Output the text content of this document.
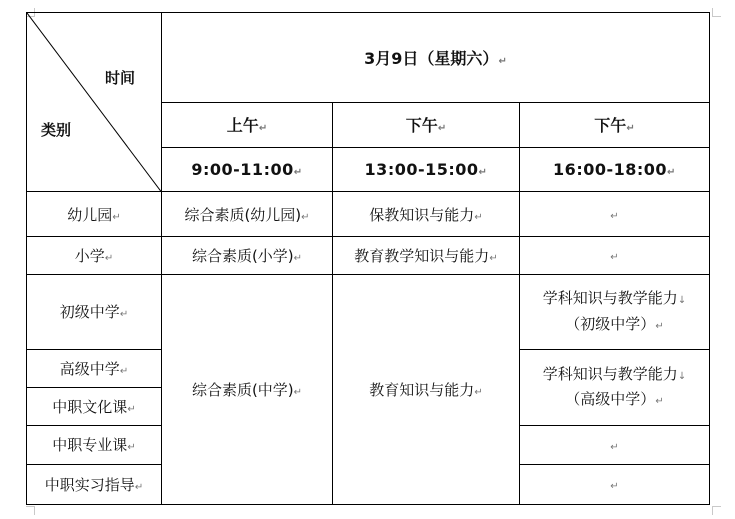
时间
类别	3月9日（星期六）↵		
	上午↵	下午↵	下午↵
	9:00-11:00↵	13:00-15:00↵	16:00-18:00↵
幼儿园↵	综合素质(幼儿园)↵	保教知识与能力↵	↵
小学↵	综合素质(小学)↵	教育教学知识与能力↵	↵
初级中学↵	综合素质(中学)↵	教育知识与能力↵	学科知识与教学能力↓
（初级中学）↵

高级中学↵			学科知识与教学能力↓
（高级中学）↵

中职文化课↵			
中职专业课↵			↵
中职实习指导↵			↵
